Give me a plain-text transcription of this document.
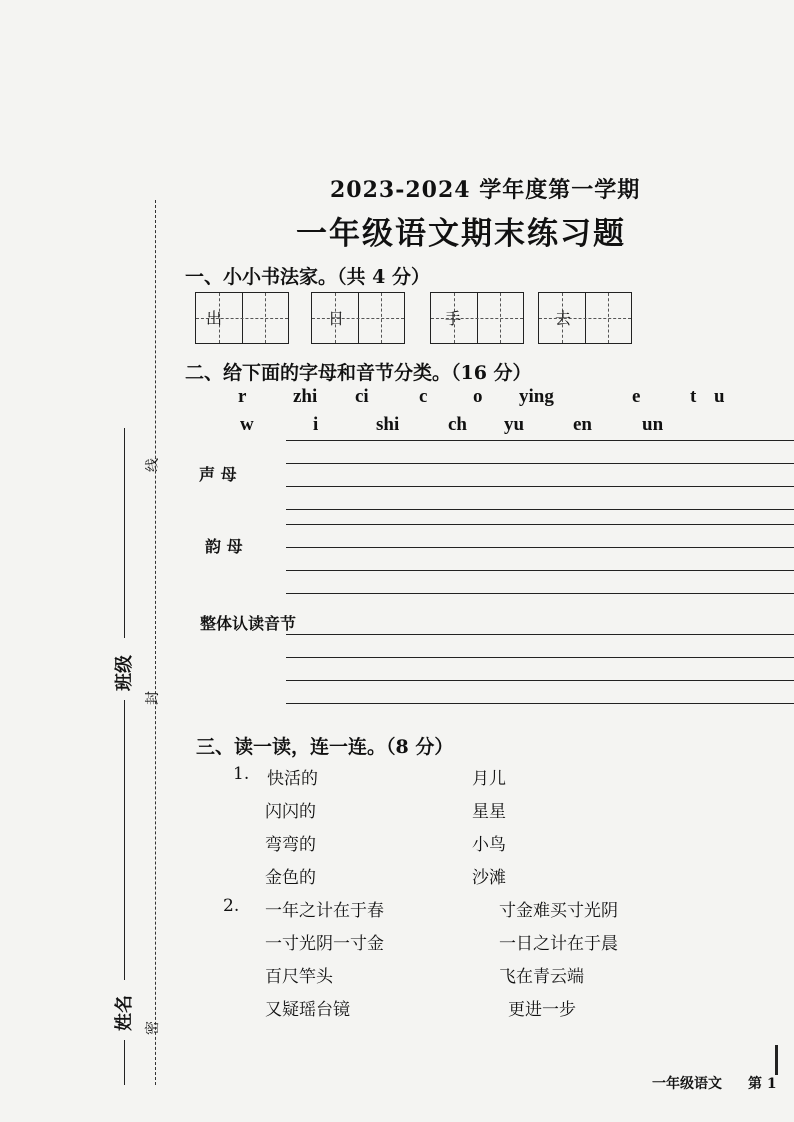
线
封
密
班级
姓名
2023-2024 学年度第一学期
一年级语文期末练习题
一、小小书法家。（共 4 分）
出	日	手	去
二、给下面的字母和音节分类。（16 分）
r zhi ci	c o ying	e	t u
w	i	shi	ch yu	en	un
声 母
韵 母
整体认读音节
三、读一读，连一连。（8 分）
1. 快活的
闪闪的
弯弯的
金色的
月儿
星星
小鸟
沙滩
2. 一年之计在于春
一寸光阴一寸金
百尺竿头
又疑瑶台镜
寸金难买寸光阴
一日之计在于晨
飞在青云端
更进一步
一年级语文 第 1
